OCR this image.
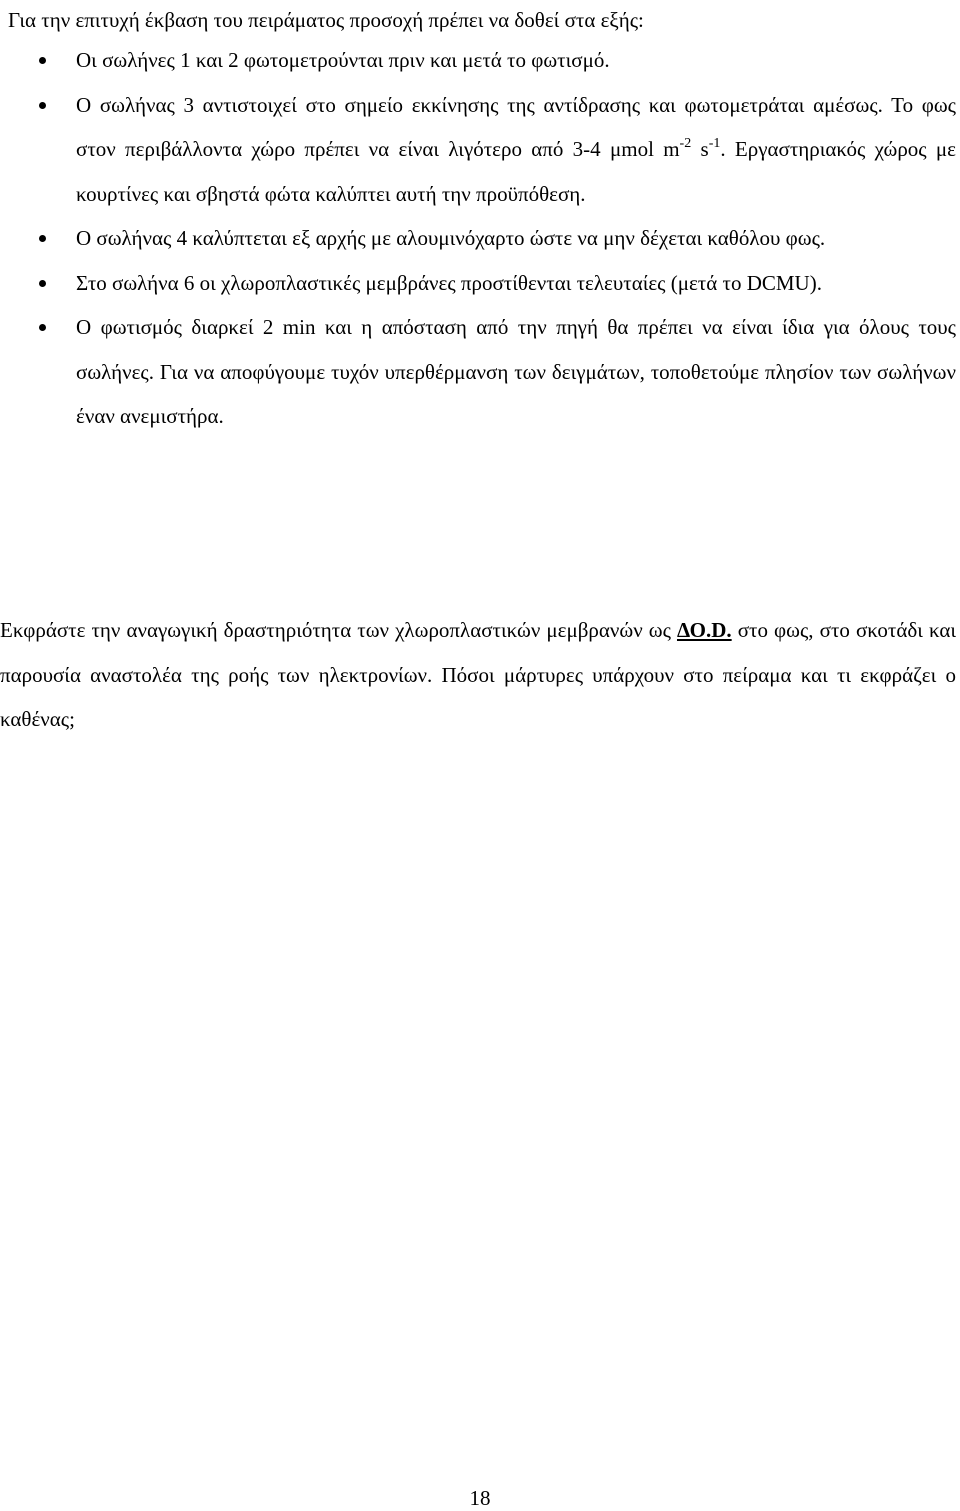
Για την επιτυχή έκβαση του πειράματος προσοχή πρέπει να δοθεί στα εξής:

Οι σωλήνες 1 και 2 φωτομετρούνται πριν και μετά το φωτισμό.
Ο σωλήνας 3 αντιστοιχεί στο σημείο εκκίνησης της αντίδρασης και φωτομετράται αμέσως. Το φως στον περιβάλλοντα χώρο πρέπει να είναι λιγότερο από 3-4 μmol $m^{-2}$ $s^{-1}$. Εργαστηριακός χώρος με κουρτίνες και σβηστά φώτα καλύπτει αυτή την προϋπόθεση.
Ο σωλήνας 4 καλύπτεται εξ αρχής με αλουμινόχαρτο ώστε να μην δέχεται καθόλου φως.
Στο σωλήνα 6 οι χλωροπλαστικές μεμβράνες προστίθενται τελευταίες (μετά το DCMU).
Ο φωτισμός διαρκεί 2 min και η απόσταση από την πηγή θα πρέπει να είναι ίδια για όλους τους σωλήνες. Για να αποφύγουμε τυχόν υπερθέρμανση των δειγμάτων, τοποθετούμε πλησίον των σωλήνων έναν ανεμιστήρα.

Εκφράστε την αναγωγική δραστηριότητα των χλωροπλαστικών μεμβρανών ως ΔΟ.D. στο φως, στο σκοτάδι και παρουσία αναστολέα της ροής των ηλεκτρονίων. Πόσοι μάρτυρες υπάρχουν στο πείραμα και τι εκφράζει ο καθένας;

18
